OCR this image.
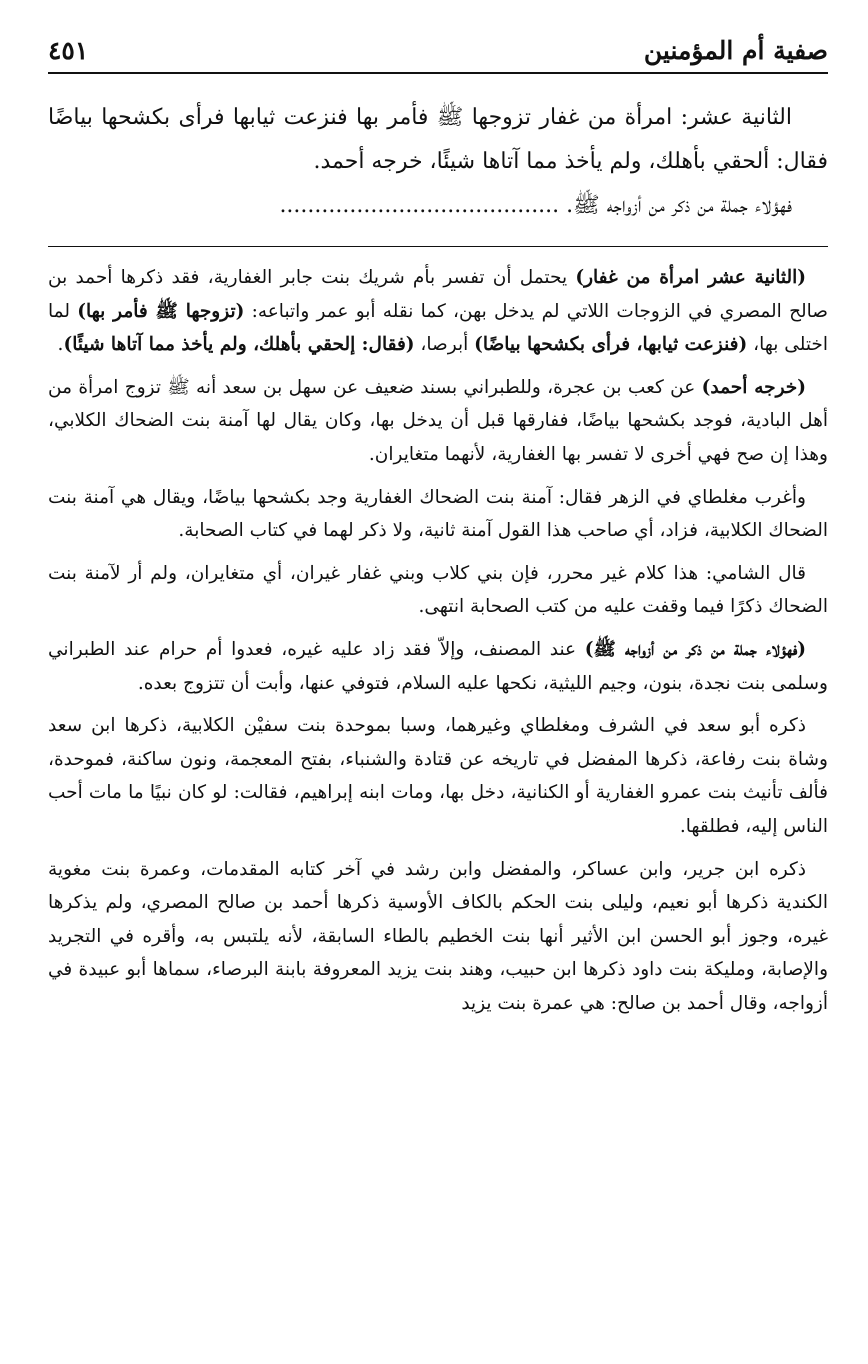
صفية أم المؤمنين
٤٥١

الثانية عشر: امرأة من غفار تزوجها ﷺ فأمر بها فنزعت ثيابها فرأى بكشحها بياضًا فقال: ألحقي بأهلك، ولم يأخذ مما آتاها شيئًا، خرجه أحمد.

فهؤلاء جملة من ذكر من أزواجه ﷺ. ........................................

(الثانية عشر امرأة من غفار) يحتمل أن تفسر بأم شريك بنت جابر الغفارية، فقد ذكرها أحمد بن صالح المصري في الزوجات اللاتي لم يدخل بهن، كما نقله أبو عمر واتباعه: (تزوجها ﷺ فأمر بها) لما اختلى بها، (فنزعت ثيابها، فرأى بكشحها بياضًا) أبرصا، (فقال: إلحقي بأهلك، ولم يأخذ مما آتاها شيئًا).

(خرجه أحمد) عن كعب بن عجرة، وللطبراني بسند ضعيف عن سهل بن سعد أنه ﷺ تزوج امرأة من أهل البادية، فوجد بكشحها بياضًا، ففارقها قبل أن يدخل بها، وكان يقال لها آمنة بنت الضحاك الكلابي، وهذا إن صح فهي أخرى لا تفسر بها الغفارية، لأنهما متغايران.

وأغرب مغلطاي في الزهر فقال: آمنة بنت الضحاك الغفارية وجد بكشحها بياضًا، ويقال هي آمنة بنت الضحاك الكلابية، فزاد، أي صاحب هذا القول آمنة ثانية، ولا ذكر لهما في كتاب الصحابة.

قال الشامي: هذا كلام غير محرر، فإن بني كلاب وبني غفار غيران، أي متغايران، ولم أر لآمنة بنت الضحاك ذكرًا فيما وقفت عليه من كتب الصحابة انتهى.

(فهؤلاء جملة من ذكر من أزواجه ﷺ) عند المصنف، وإلاّ فقد زاد عليه غيره، فعدوا أم حرام عند الطبراني وسلمى بنت نجدة، بنون، وجيم الليثية، نكحها عليه السلام، فتوفي عنها، وأبت أن تتزوج بعده.

ذكره أبو سعد في الشرف ومغلطاي وغيرهما، وسبا بموحدة بنت سفيْن الكلابية، ذكرها ابن سعد وشاة بنت رفاعة، ذكرها المفضل في تاريخه عن قتادة والشنباء، بفتح المعجمة، ونون ساكنة، فموحدة، فألف تأنيث بنت عمرو الغفارية أو الكنانية، دخل بها، ومات ابنه إبراهيم، فقالت: لو كان نبيًا ما مات أحب الناس إليه، فطلقها.

ذكره ابن جرير، وابن عساكر، والمفضل وابن رشد في آخر كتابه المقدمات، وعمرة بنت مغوية الكندية ذكرها أبو نعيم، وليلى بنت الحكم بالكاف الأوسية ذكرها أحمد بن صالح المصري، ولم يذكرها غيره، وجوز أبو الحسن ابن الأثير أنها بنت الخطيم بالطاء السابقة، لأنه يلتبس به، وأقره في التجريد والإصابة، ومليكة بنت داود ذكرها ابن حبيب، وهند بنت يزيد المعروفة بابنة البرصاء، سماها أبو عبيدة في أزواجه، وقال أحمد بن صالح: هي عمرة بنت يزيد
